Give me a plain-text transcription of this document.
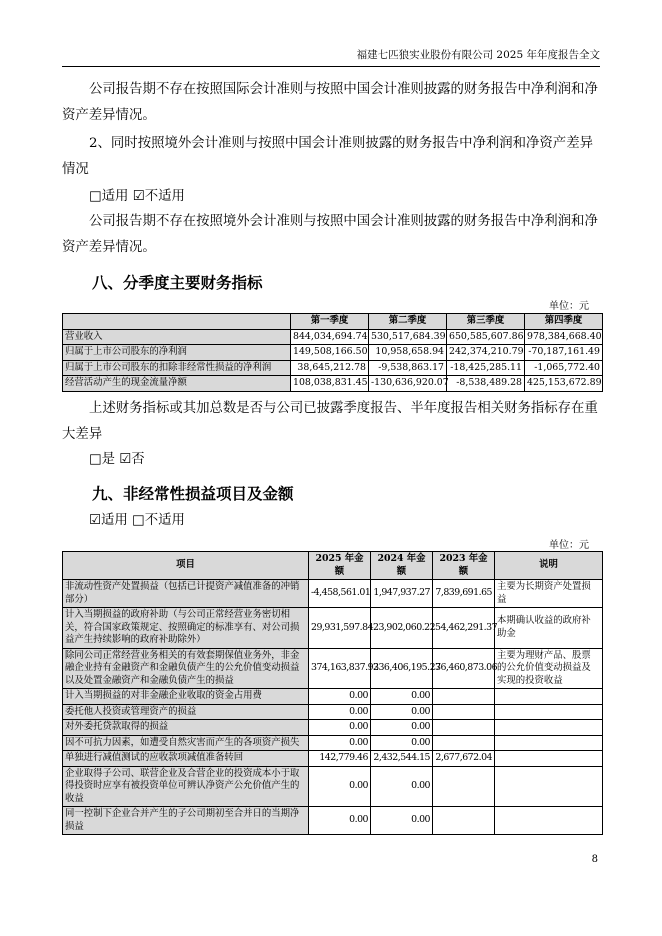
福建七匹狼实业股份有限公司 2025 年年度报告全文

公司报告期不存在按照国际会计准则与按照中国会计准则披露的财务报告中净利润和净资产差异情况。

2、同时按照境外会计准则与按照中国会计准则披露的财务报告中净利润和净资产差异情况

□适用 ☑不适用

公司报告期不存在按照境外会计准则与按照中国会计准则披露的财务报告中净利润和净资产差异情况。

八、分季度主要财务指标
单位：元
	第一季度	第二季度	第三季度	第四季度
营业收入	844,034,694.74	530,517,684.39	650,585,607.86	978,384,668.40
归属于上市公司股东的净利润	149,508,166.50	10,958,658.94	242,374,210.79	-70,187,161.49
归属于上市公司股东的扣除非经常性损益的净利润	38,645,212.78	-9,538,863.17	-18,425,285.11	-1,065,772.40
经营活动产生的现金流量净额	108,038,831.45	-130,636,920.07	-8,538,489.28	425,153,672.89

上述财务指标或其加总数是否与公司已披露季度报告、半年度报告相关财务指标存在重大差异

□是 ☑否
九、非经常性损益项目及金额
☑适用 □不适用
单位：元
项目	2025 年金额	2024 年金额	2023 年金额	说明
非流动性资产处置损益（包括已计提资产减值准备的冲销部分）	-4,458,561.01	1,947,937.27	7,839,691.65	主要为长期资产处置损益
计入当期损益的政府补助（与公司正常经营业务密切相关，符合国家政策规定、按照确定的标准享有、对公司损益产生持续影响的政府补助除外）	29,931,597.84	23,902,060.22	54,462,291.37	本期确认收益的政府补助金
除同公司正常经营业务相关的有效套期保值业务外，非金融企业持有金融资产和金融负债产生的公允价值变动损益以及处置金融资产和金融负债产生的损益	374,163,837.93	236,406,195.27	36,460,873.06	主要为理财产品、股票的公允价值变动损益及实现的投资收益
计入当期损益的对非金融企业收取的资金占用费	0.00	0.00		
委托他人投资或管理资产的损益	0.00	0.00		
对外委托贷款取得的损益	0.00	0.00		
因不可抗力因素，如遭受自然灾害而产生的各项资产损失	0.00	0.00		
单独进行减值测试的应收款项减值准备转回	142,779.46	2,432,544.15	2,677,672.04	
企业取得子公司、联营企业及合营企业的投资成本小于取得投资时应享有被投资单位可辨认净资产公允价值产生的收益	0.00	0.00		
同一控制下企业合并产生的子公司期初至合并日的当期净损益	0.00	0.00		
8
